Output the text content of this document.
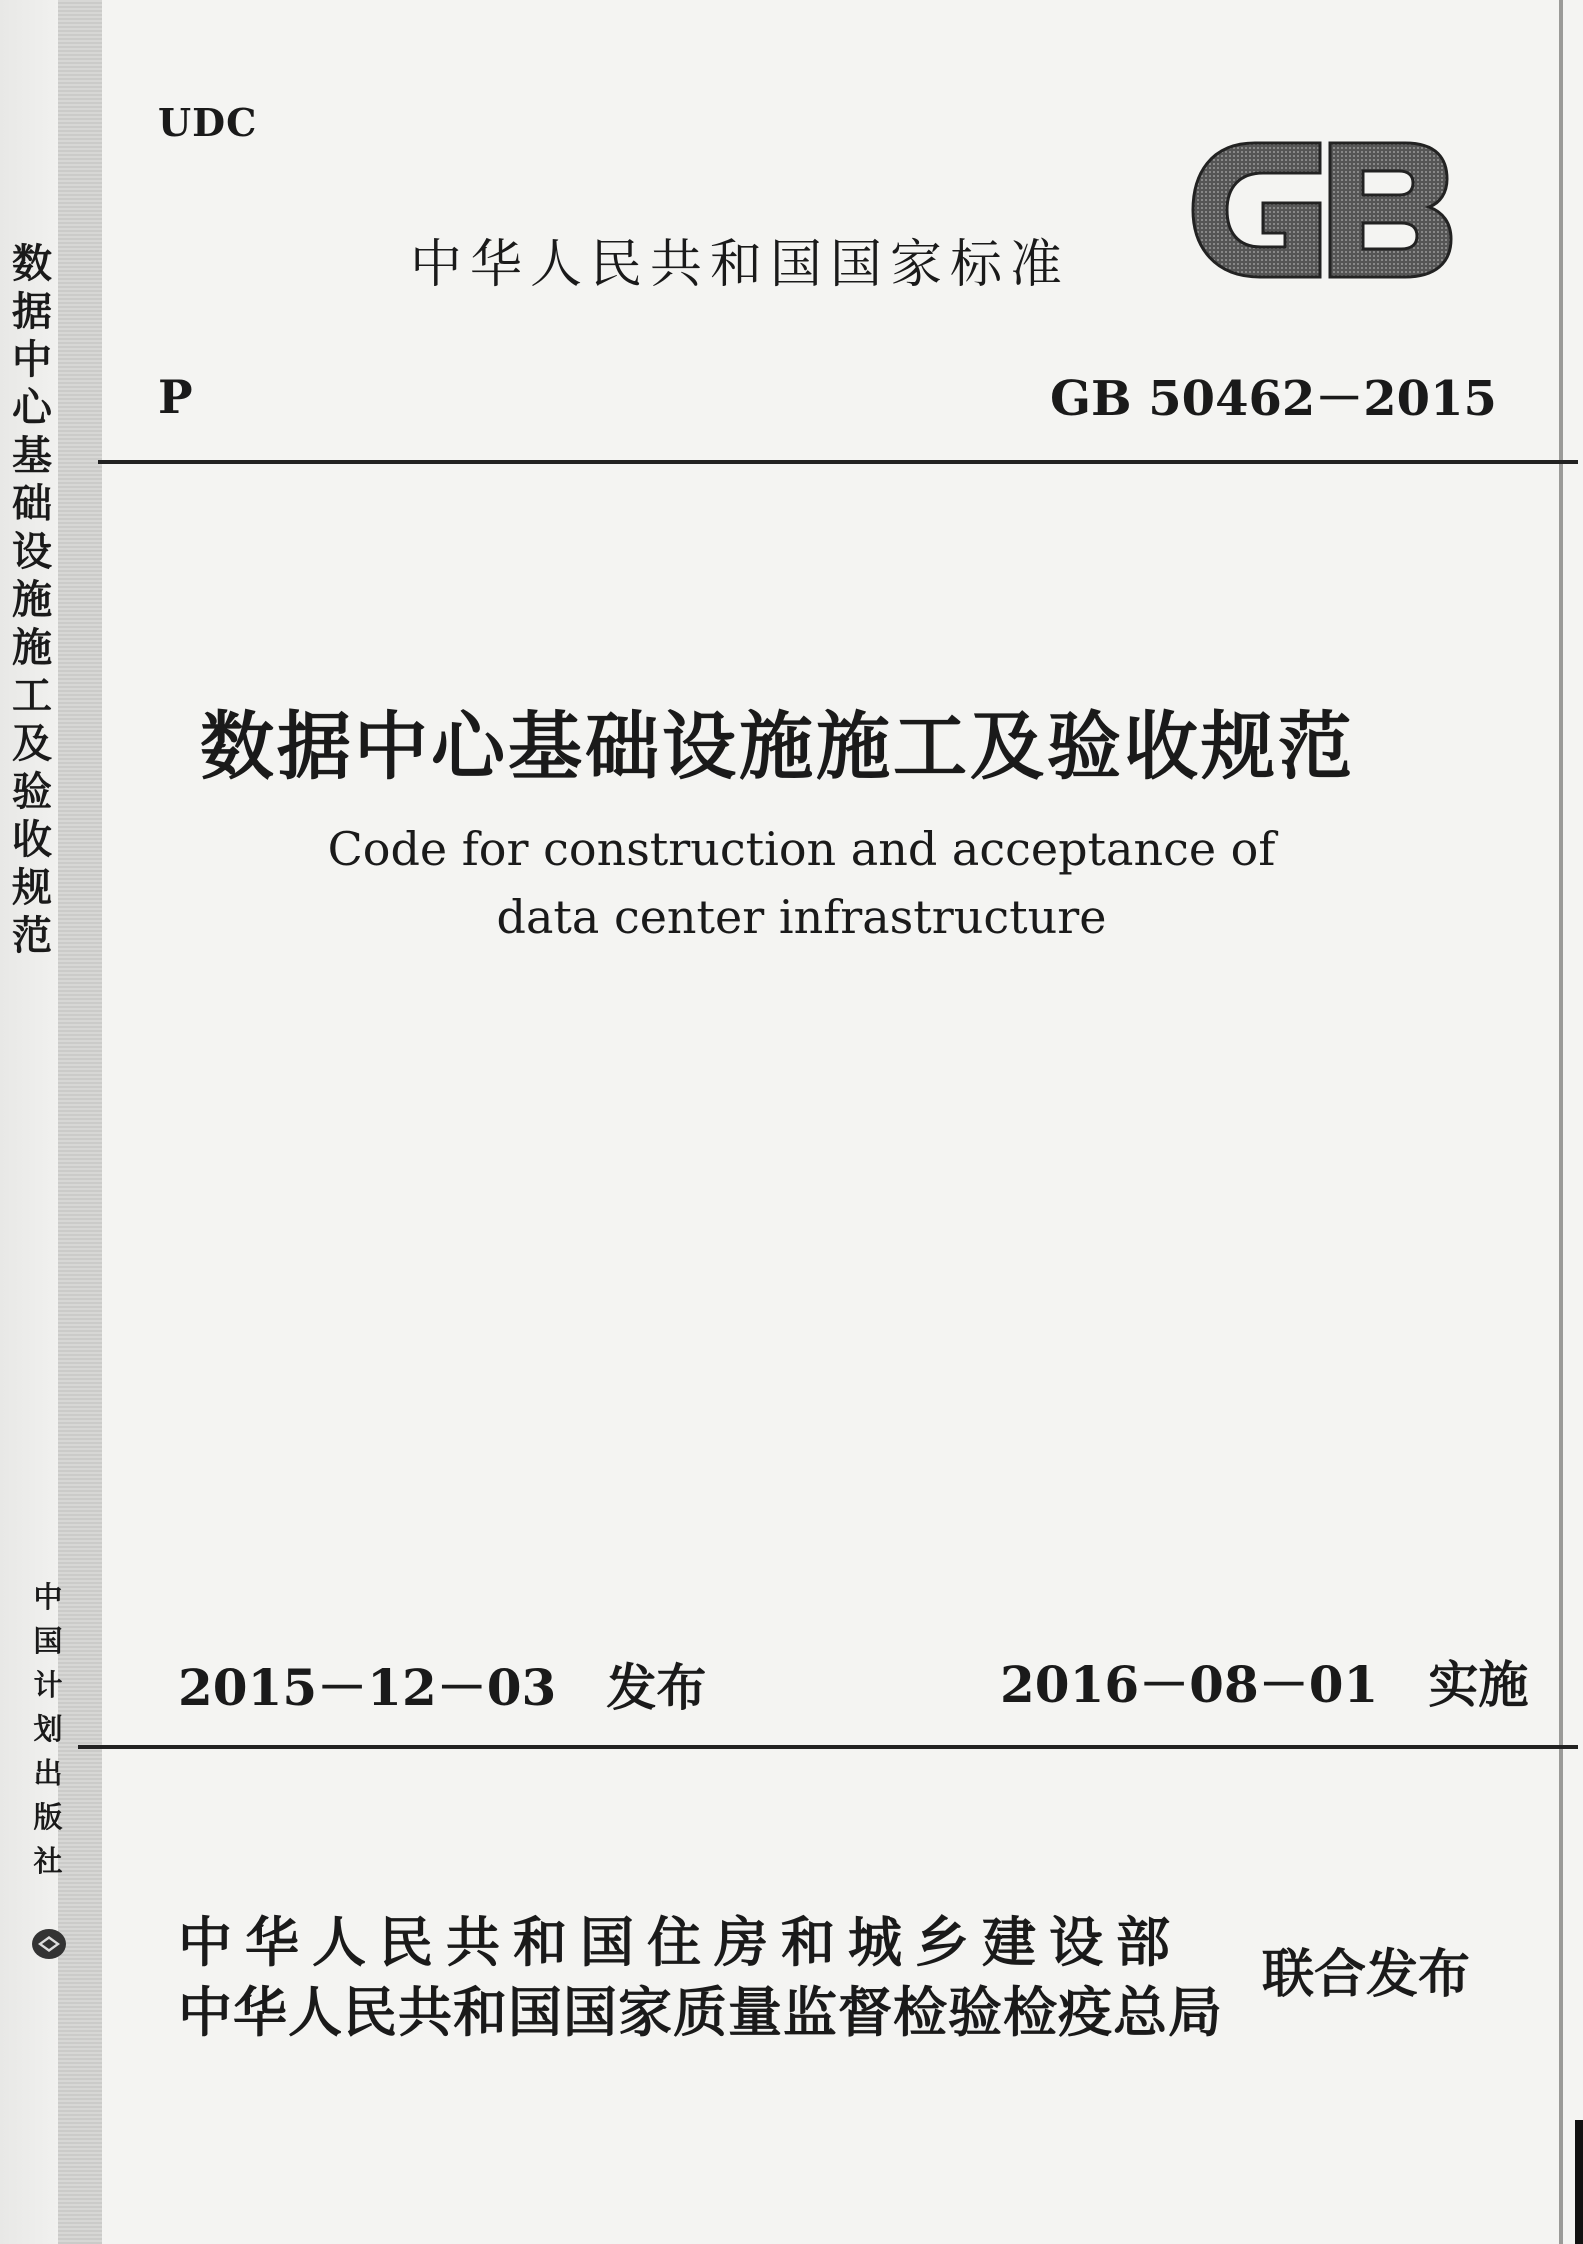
数
据
中
心
基
础
设
施
施
工
及
验
收
规
范
中
国
计
划
出
版
社
UDC
中华人民共和国国家标准
GB
P	GB 50462－2015
数据中心基础设施施工及验收规范
Code for construction and acceptance of
data center infrastructure
2015－12－03　发布	2016－08－01　实施
中华人民共和国住房和城乡建设部
中华人民共和国国家质量监督检验检疫总局
联合发布
